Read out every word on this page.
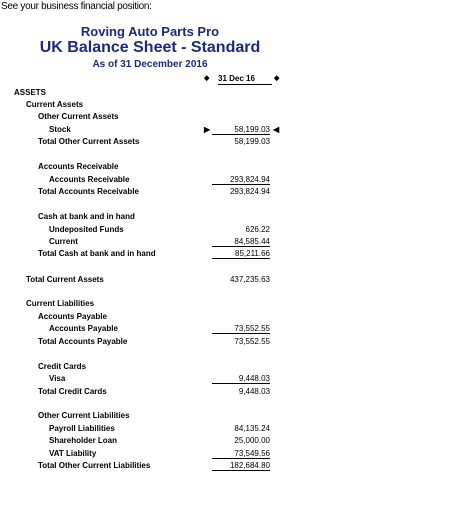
See your business financial position:
Roving Auto Parts Pro
UK Balance Sheet - Standard
As of 31 December 2016
◆ 31 Dec 16	◆
ASSETS
Current Assets
Other Current Assets
Stock	▶	58,199.03 ◀
Total Other Current Assets	58,199.03
Accounts Receivable
Accounts Receivable	293,824.94
Total Accounts Receivable	293,824.94
Cash at bank and in hand
Undeposited Funds	626.22
Current	84,585.44
Total Cash at bank and in hand	85,211.66
Total Current Assets	437,235.63
Current Liabilities
Accounts Payable
Accounts Payable	73,552.55
Total Accounts Payable	73,552.55
Credit Cards
Visa	9,448.03
Total Credit Cards	9,448.03
Other Current Liabilities
Payroll Liabilities	84,135.24
Shareholder Loan	25,000.00
VAT Liability	73,549.56
Total Other Current Liabilities	182,684.80
